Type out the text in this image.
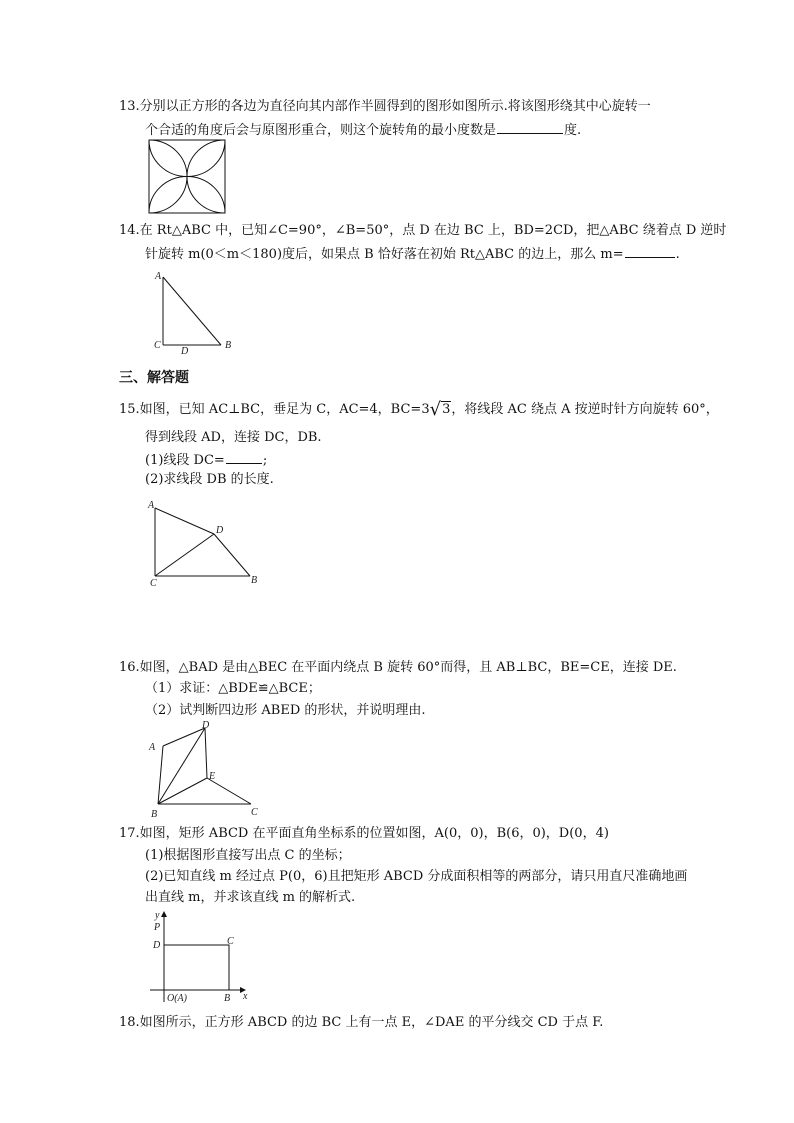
13.分别以正方形的各边为直径向其内部作半圆得到的图形如图所示.将该图形绕其中心旋转一
个合适的角度后会与原图形重合，则这个旋转角的最小度数是	度.
14.在 Rt△ABC 中，已知∠C=90°，∠B=50°，点 D 在边 BC 上，BD=2CD，把△ABC 绕着点 D 逆时
针旋转 m(0＜m＜180)度后，如果点 B 恰好落在初始 Rt△ABC 的边上，那么 m=	.
A
C
D
B
三、解答题
15.如图，已知 AC⊥BC，垂足为 C，AC=4，BC=3√3，将线段 AC 绕点 A 按逆时针方向旋转 60°，
得到线段 AD，连接 DC，DB.
(1)线段 DC=	;
(2)求线段 DB 的长度.
A
D
C	B
16.如图，△BAD 是由△BEC 在平面内绕点 B 旋转 60°而得，且 AB⊥BC，BE=CE，连接 DE.
（1）求证：△BDE≌△BCE；
（2）试判断四边形 ABED 的形状，并说明理由.
A
D
E
B	C
17.如图，矩形 ABCD 在平面直角坐标系的位置如图，A(0，0)，B(6，0)，D(0，4)
(1)根据图形直接写出点 C 的坐标；
(2)已知直线 m 经过点 P(0，6)且把矩形 ABCD 分成面积相等的两部分，请只用直尺准确地画
出直线 m，并求该直线 m 的解析式.
y
P
D	C
O(A)	B x
18.如图所示，正方形 ABCD 的边 BC 上有一点 E，∠DAE 的平分线交 CD 于点 F.
